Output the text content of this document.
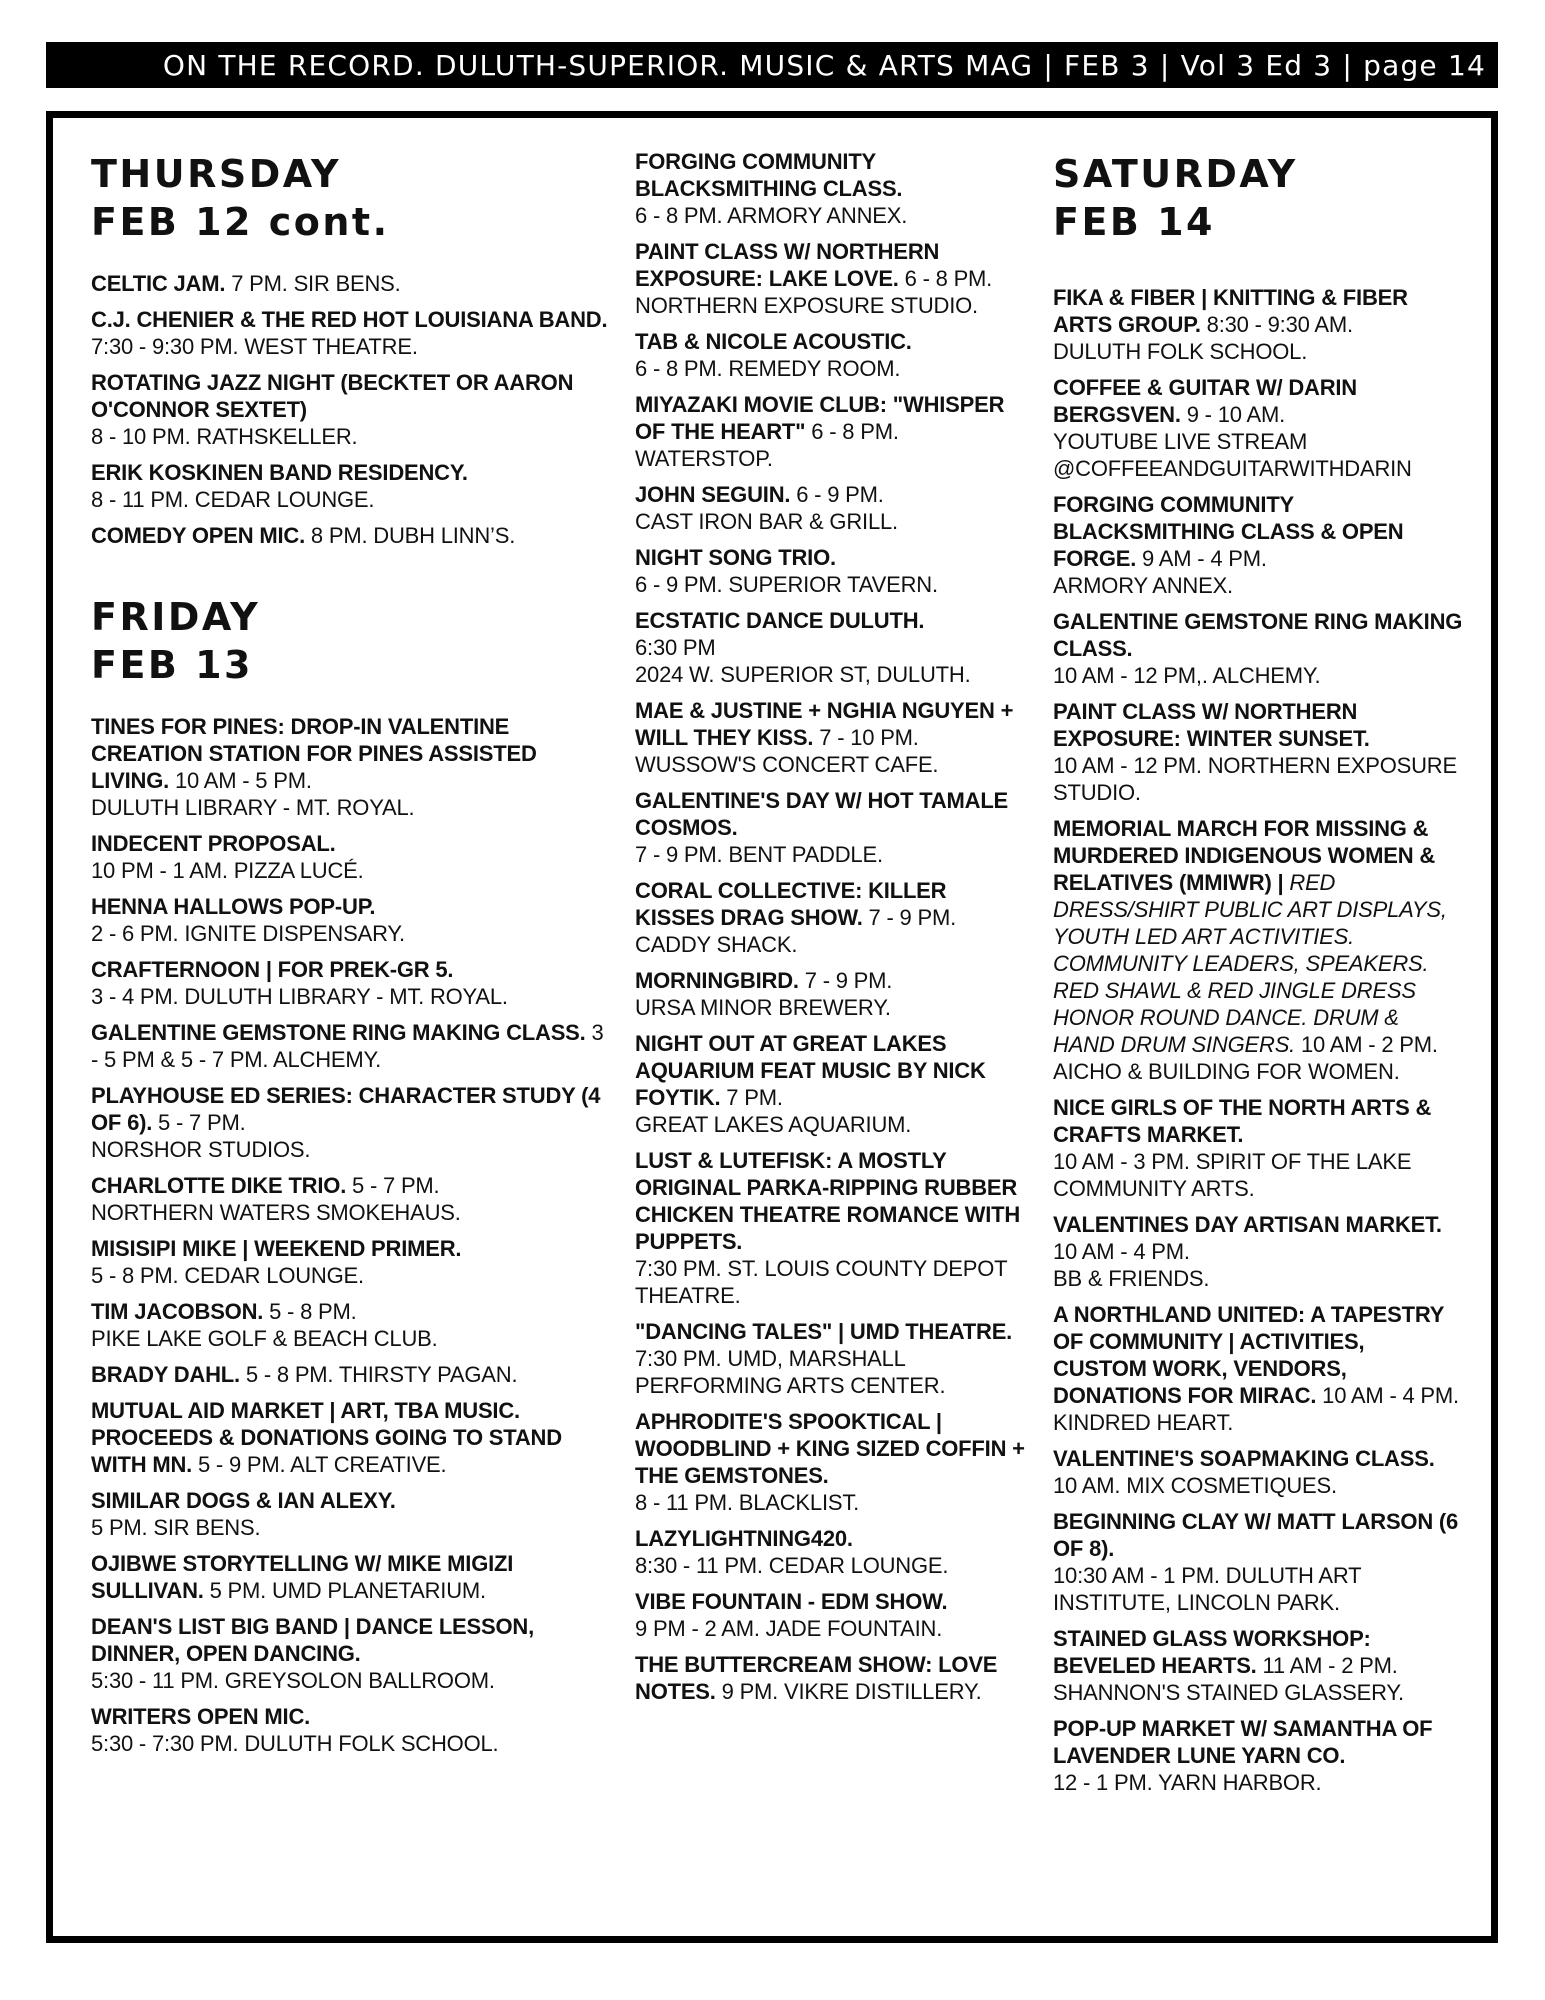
ON THE RECORD. DULUTH-SUPERIOR. MUSIC & ARTS MAG | FEB 3 | Vol 3 Ed 3 | page 14
THURSDAY
FEB 12 cont.
CELTIC JAM. 7 PM. SIR BENS.
C.J. CHENIER & THE RED HOT LOUISIANA BAND. 7:30 - 9:30 PM. WEST THEATRE.
ROTATING JAZZ NIGHT (BECKTET OR AARON O'CONNOR SEXTET)
8 - 10 PM. RATHSKELLER.
ERIK KOSKINEN BAND RESIDENCY.
8 - 11 PM. CEDAR LOUNGE.
COMEDY OPEN MIC. 8 PM. DUBH LINN’S.
FRIDAY
FEB 13
TINES FOR PINES: DROP-IN VALENTINE CREATION STATION FOR PINES ASSISTED LIVING. 10 AM - 5 PM.
DULUTH LIBRARY - MT. ROYAL.
INDECENT PROPOSAL.
10 PM - 1 AM. PIZZA LUCÉ.
HENNA HALLOWS POP-UP.
2 - 6 PM. IGNITE DISPENSARY.
CRAFTERNOON | FOR PREK-GR 5.
3 - 4 PM. DULUTH LIBRARY - MT. ROYAL.
GALENTINE GEMSTONE RING MAKING CLASS. 3 - 5 PM & 5 - 7 PM. ALCHEMY.
PLAYHOUSE ED SERIES: CHARACTER STUDY (4 OF 6). 5 - 7 PM.
NORSHOR STUDIOS.
CHARLOTTE DIKE TRIO. 5 - 7 PM.
NORTHERN WATERS SMOKEHAUS.
MISISIPI MIKE | WEEKEND PRIMER.
5 - 8 PM. CEDAR LOUNGE.
TIM JACOBSON. 5 - 8 PM.
PIKE LAKE GOLF & BEACH CLUB.
BRADY DAHL. 5 - 8 PM. THIRSTY PAGAN.
MUTUAL AID MARKET | ART, TBA MUSIC. PROCEEDS & DONATIONS GOING TO STAND WITH MN. 5 - 9 PM. ALT CREATIVE.
SIMILAR DOGS & IAN ALEXY.
5 PM. SIR BENS.
OJIBWE STORYTELLING W/ MIKE MIGIZI SULLIVAN. 5 PM. UMD PLANETARIUM.
DEAN'S LIST BIG BAND | DANCE LESSON, DINNER, OPEN DANCING.
5:30 - 11 PM. GREYSOLON BALLROOM.
WRITERS OPEN MIC.
5:30 - 7:30 PM. DULUTH FOLK SCHOOL.
FORGING COMMUNITY BLACKSMITHING CLASS.
6 - 8 PM. ARMORY ANNEX.
PAINT CLASS W/ NORTHERN EXPOSURE: LAKE LOVE. 6 - 8 PM.
NORTHERN EXPOSURE STUDIO.
TAB & NICOLE ACOUSTIC.
6 - 8 PM. REMEDY ROOM.
MIYAZAKI MOVIE CLUB: "WHISPER OF THE HEART" 6 - 8 PM. WATERSTOP.
JOHN SEGUIN. 6 - 9 PM.
CAST IRON BAR & GRILL.
NIGHT SONG TRIO.
6 - 9 PM. SUPERIOR TAVERN.
ECSTATIC DANCE DULUTH.
6:30 PM
2024 W. SUPERIOR ST, DULUTH.
MAE & JUSTINE + NGHIA NGUYEN + WILL THEY KISS. 7 - 10 PM.
WUSSOW'S CONCERT CAFE.
GALENTINE'S DAY W/ HOT TAMALE COSMOS.
7 - 9 PM. BENT PADDLE.
CORAL COLLECTIVE: KILLER KISSES DRAG SHOW. 7 - 9 PM.
CADDY SHACK.
MORNINGBIRD. 7 - 9 PM.
URSA MINOR BREWERY.
NIGHT OUT AT GREAT LAKES AQUARIUM FEAT MUSIC BY NICK FOYTIK. 7 PM.
GREAT LAKES AQUARIUM.
LUST & LUTEFISK: A MOSTLY ORIGINAL PARKA-RIPPING RUBBER CHICKEN THEATRE ROMANCE WITH PUPPETS.
7:30 PM. ST. LOUIS COUNTY DEPOT THEATRE.
"DANCING TALES" | UMD THEATRE.
7:30 PM. UMD, MARSHALL PERFORMING ARTS CENTER.
APHRODITE'S SPOOKTICAL | WOODBLIND + KING SIZED COFFIN + THE GEMSTONES.
8 - 11 PM. BLACKLIST.
LAZYLIGHTNING420.
8:30 - 11 PM. CEDAR LOUNGE.
VIBE FOUNTAIN - EDM SHOW.
9 PM - 2 AM. JADE FOUNTAIN.
THE BUTTERCREAM SHOW: LOVE NOTES. 9 PM. VIKRE DISTILLERY.
SATURDAY
FEB 14
FIKA & FIBER | KNITTING & FIBER ARTS GROUP. 8:30 - 9:30 AM.
DULUTH FOLK SCHOOL.
COFFEE & GUITAR W/ DARIN BERGSVEN. 9 - 10 AM.
YOUTUBE LIVE STREAM
@COFFEEANDGUITARWITHDARIN
FORGING COMMUNITY BLACKSMITHING CLASS & OPEN FORGE. 9 AM - 4 PM.
ARMORY ANNEX.
GALENTINE GEMSTONE RING MAKING CLASS.
10 AM - 12 PM,. ALCHEMY.
PAINT CLASS W/ NORTHERN EXPOSURE: WINTER SUNSET.
10 AM - 12 PM. NORTHERN EXPOSURE STUDIO.
MEMORIAL MARCH FOR MISSING & MURDERED INDIGENOUS WOMEN & RELATIVES (MMIWR) | RED DRESS/SHIRT PUBLIC ART DISPLAYS, YOUTH LED ART ACTIVITIES. COMMUNITY LEADERS, SPEAKERS. RED SHAWL & RED JINGLE DRESS HONOR ROUND DANCE. DRUM & HAND DRUM SINGERS. 10 AM - 2 PM.
AICHO & BUILDING FOR WOMEN.
NICE GIRLS OF THE NORTH ARTS & CRAFTS MARKET.
10 AM - 3 PM. SPIRIT OF THE LAKE COMMUNITY ARTS.
VALENTINES DAY ARTISAN MARKET. 10 AM - 4 PM.
BB & FRIENDS.
A NORTHLAND UNITED: A TAPESTRY OF COMMUNITY | ACTIVITIES, CUSTOM WORK, VENDORS, DONATIONS FOR MIRAC. 10 AM - 4 PM.
KINDRED HEART.
VALENTINE'S SOAPMAKING CLASS. 10 AM. MIX COSMETIQUES.
BEGINNING CLAY W/ MATT LARSON (6 OF 8).
10:30 AM - 1 PM. DULUTH ART INSTITUTE, LINCOLN PARK.
STAINED GLASS WORKSHOP: BEVELED HEARTS. 11 AM - 2 PM.
SHANNON'S STAINED GLASSERY.
POP-UP MARKET W/ SAMANTHA OF LAVENDER LUNE YARN CO.
12 - 1 PM. YARN HARBOR.
